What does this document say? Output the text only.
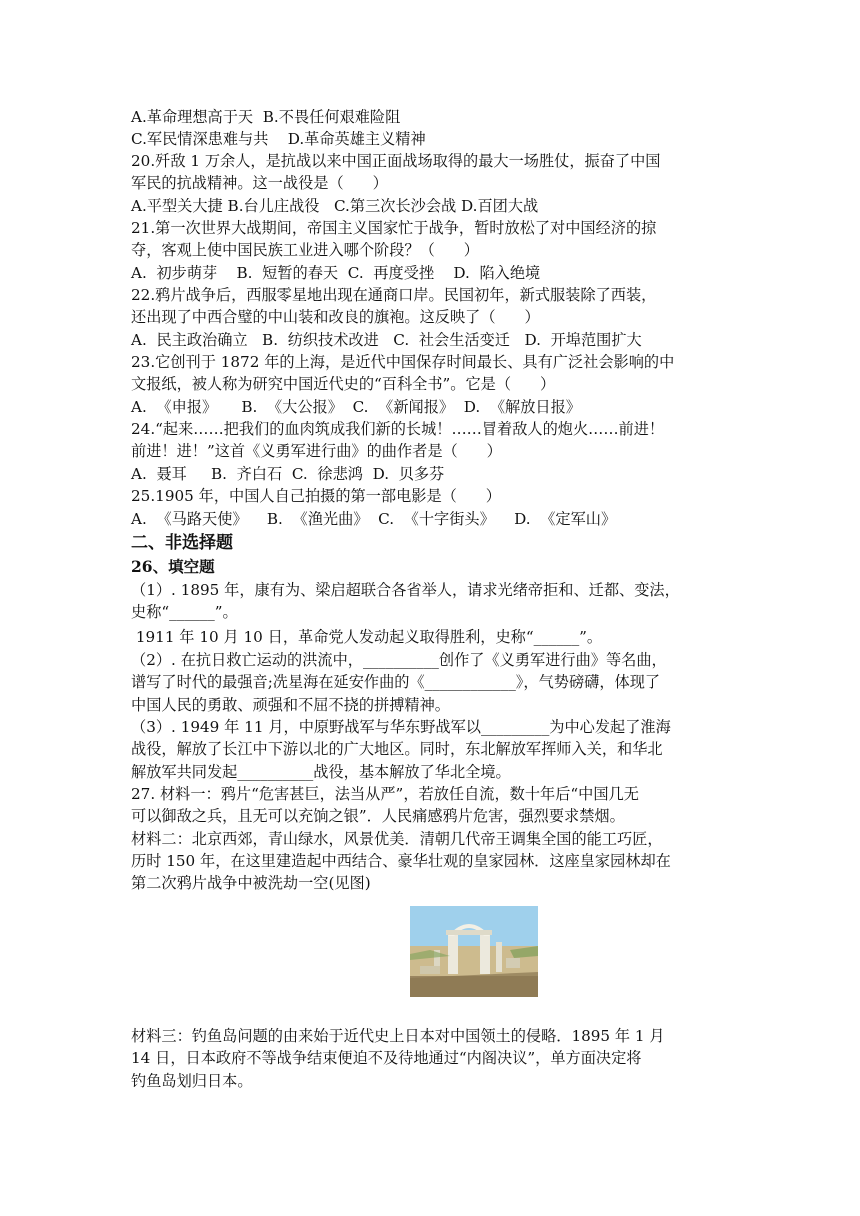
A.革命理想高于天  B.不畏任何艰难险阻
C.军民情深患难与共    D.革命英雄主义精神
20.歼敌 1 万余人，是抗战以来中国正面战场取得的最大一场胜仗，振奋了中国
军民的抗战精神。这一战役是（      ）
A.平型关大捷 B.台儿庄战役   C.第三次长沙会战 D.百团大战
21.第一次世界大战期间，帝国主义国家忙于战争，暂时放松了对中国经济的掠
夺，客观上使中国民族工业进入哪个阶段？（      ）
A.  初步萌芽    B.  短暂的春天  C.  再度受挫    D.  陷入绝境
22.鸦片战争后，西服零星地出现在通商口岸。民国初年，新式服装除了西装，
还出现了中西合璧的中山装和改良的旗袍。这反映了（      ）
A.  民主政治确立   B.  纺织技术改进   C.  社会生活变迁   D.  开埠范围扩大
23.它创刊于 1872 年的上海，是近代中国保存时间最长、具有广泛社会影响的中
文报纸，被人称为研究中国近代史的“百科全书”。它是（      ）
A.  《申报》     B.  《大公报》  C.  《新闻报》  D.  《解放日报》
24.“起来……把我们的血肉筑成我们新的长城！……冒着敌人的炮火……前进！
前进！进！”这首《义勇军进行曲》的曲作者是（      ）
A.  聂耳     B.  齐白石  C.  徐悲鸿  D.  贝多芬
25.1905 年，中国人自己拍摄的第一部电影是（      ）
A.  《马路天使》    B.  《渔光曲》  C.  《十字街头》    D.  《定军山》
二、非选择题
26、填空题
（1）. 1895 年，康有为、梁启超联合各省举人，请求光绪帝拒和、迁都、变法，
史称“______”。
1911 年 10 月 10 日，革命党人发动起义取得胜利，史称“______”。
（2）. 在抗日救亡运动的洪流中，__________创作了《义勇军进行曲》等名曲，
谱写了时代的最强音;冼星海在延安作曲的《____________》，气势磅礴，体现了
中国人民的勇敢、顽强和不屈不挠的拼搏精神。
（3）. 1949 年 11 月，中原野战军与华东野战军以_________为中心发起了淮海
战役，解放了长江中下游以北的广大地区。同时，东北解放军挥师入关，和华北
解放军共同发起__________战役，基本解放了华北全境。
27. 材料一：鸦片“危害甚巨，法当从严”，若放任自流，数十年后“中国几无
可以御敌之兵，且无可以充饷之银”．人民痛感鸦片危害，强烈要求禁烟。
材料二：北京西郊，青山绿水，风景优美．清朝几代帝王调集全国的能工巧匠，
历时 150 年，在这里建造起中西结合、豪华壮观的皇家园林．这座皇家园林却在
第二次鸦片战争中被洗劫一空(见图)
材料三：钓鱼岛问题的由来始于近代史上日本对中国领土的侵略．1895 年 1 月
14 日，日本政府不等战争结束便迫不及待地通过“内阁决议”，单方面决定将
钓鱼岛划归日本。
